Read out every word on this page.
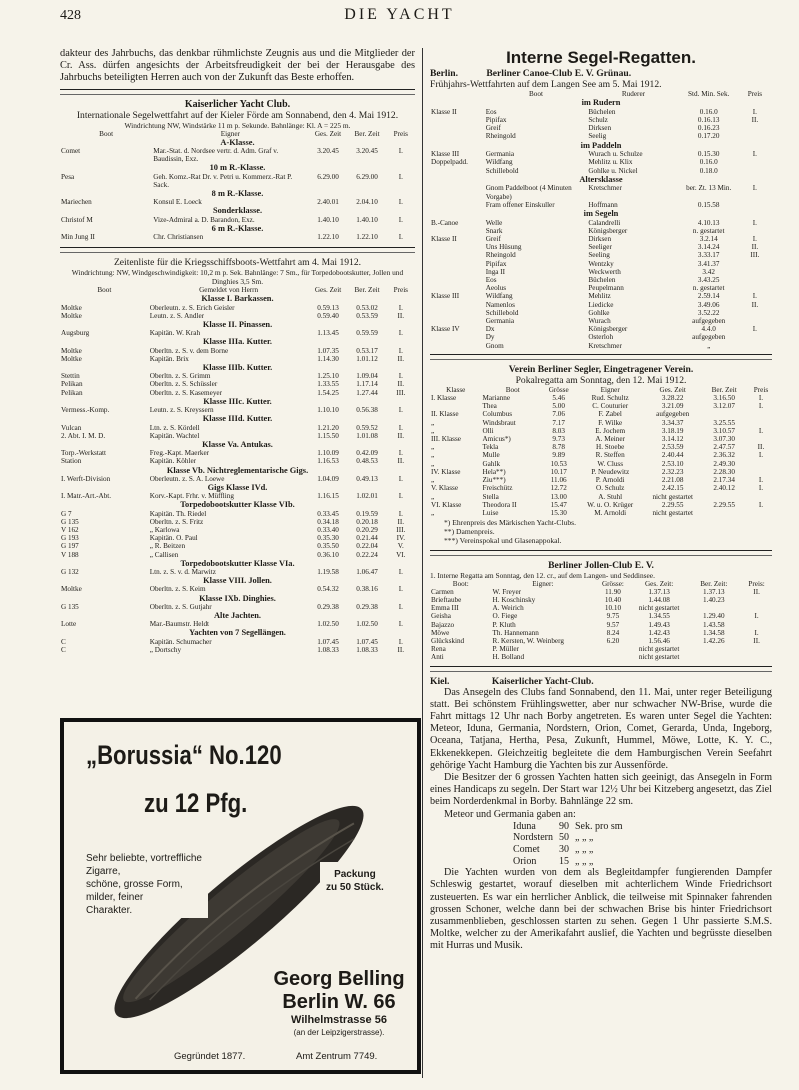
428	DIE YACHT

dakteur des Jahrbuchs, das denkbar rühmlichste Zeugnis aus und die Mitglieder der Cr. Ass. dürfen angesichts der Arbeitsfreudigkeit der bei der Herausgabe des Jahrbuchs beteiligten Herren auch von der Zukunft das Beste erhoffen.

Kaiserlicher Yacht Club.
Internationale Segelwettfahrt auf der Kieler Förde am Sonnabend, den 4. Mai 1912.
Windrichtung NW, Windstärke 11 m p. Sekunde. Bahnlänge: Kl. A = 225 m.
Boot	Eigner	Ges. Zeit	Ber. Zeit	Preis
A-Klasse.				
Comet	Mar.-Stat. d. Nordsee vertr. d. Adm. Graf v. Baudissin, Exz.	3.20.45	3.20.45	I.
10 m R.-Klasse.				
Pesa	Geh. Komz.-Rat Dr. v. Petri u. Kommerz.-Rat P. Sack.	6.29.00	6.29.00	I.
8 m R.-Klasse.				
Mariechen	Konsul E. Loeck	2.40.01	2.04.10	I.
Sonderklasse.				
Christof M	Vize-Admiral a. D. Barandon, Exz.	1.40.10	1.40.10	I.
6 m R.-Klasse.				
Min Jung II	Chr. Christiansen	1.22.10	1.22.10	I.
Zeitenliste für die Kriegsschiffsboots-Wettfahrt am 4. Mai 1912.
Windrichtung: NW, Windgeschwindigkeit: 10,2 m p. Sek. Bahnlänge: 7 Sm., für Torpedobootskutter, Jollen und Dinghies 3,5 Sm.
Boot	Gemeldet von Herrn	Ges. Zeit	Ber. Zeit	Preis
Klasse I. Barkassen.				
Moltke	Oberleutn. z. S. Erich Geisler	0.59.13	0.53.02	I.
Moltke	Leutn. z. S. Andler	0.59.40	0.53.59	II.
Klasse II. Pinassen.				
Augsburg	Kapitän. W. Krah	1.13.45	0.59.59	I.
Klasse IIIa. Kutter.				
Moltke	Oberltn. z. S. v. dem Borne	1.07.35	0.53.17	I.
Moltke	Kapitän. Brix	1.14.30	1.01.12	II.
Klasse IIIb. Kutter.				
Stettin	Oberltn. z. S. Grimm	1.25.10	1.09.04	I.
Pelikan	Oberltn. z. S. Schüssler	1.33.55	1.17.14	II.
Pelikan	Oberltn. z. S. Kasemeyer	1.54.25	1.27.44	III.
Klasse IIIc. Kutter.				
Vermess.-Komp.	Leutn. z. S. Kreyssern	1.10.10	0.56.38	I.
Klasse IIId. Kutter.				
Vulcan	Ltn. z. S. Kördell	1.21.20	0.59.52	I.
2. Abt. I. M. D.	Kapitän. Wachtel	1.15.50	1.01.08	II.
Klasse Va. Antukas.				
Torp.-Werkstatt	Freg.-Kapt. Maerker	1.10.09	0.42.09	I.
Station	Kapitän. Köhler	1.16.53	0.48.53	II.
Klasse Vb. Nichtreglementarische Gigs.				
I. Werft-Division	Oberleutn. z. S. A. Loewe	1.04.09	0.49.13	I.
Gigs Klasse IVd.				
I. Matr.-Art.-Abt.	Korv.-Kapt. Frhr. v. Müffling	1.16.15	1.02.01	I.
Torpedobootskutter Klasse VIb.				
G 7	Kapitän. Th. Riedel	0.33.45	0.19.59	I.
G 135	Oberltn. z. S. Fritz	0.34.18	0.20.18	II.
V 162	„ Karlowa	0.33.40	0.20.29	III.
G 193	Kapitän. O. Paul	0.35.30	0.21.44	IV.
G 197	„ R. Beitzen	0.35.50	0.22.04	V.
V 188	„ Callisen	0.36.10	0.22.24	VI.
Torpedobootskutter Klasse VIa.				
G 132	Ltn. z. S. v. d. Marwitz	1.19.58	1.06.47	I.
Klasse VIII. Jollen.				
Moltke	Oberltn. z. S. Keim	0.54.32	0.38.16	I.
Klasse IXb. Dinghies.				
G 135	Oberltn. z. S. Gutjahr	0.29.38	0.29.38	I.
Alte Jachten.				
Lotte	Mar.-Baumstr. Heldt	1.02.50	1.02.50	I.
Yachten von 7 Segellängen.				
C	Kapitän. Schumacher	1.07.45	1.07.45	I.
C	„ Dortschy	1.08.33	1.08.33	II.
„Borussia“ No.120
zu 12 Pfg.
Sehr beliebte, vortreffliche
Zigarre,
schöne, grosse Form,
milder, feiner
Charakter.
Packung
zu 50 Stück.
Georg Belling
Berlin W. 66
Wilhelmstrasse 56
(an der Leipzigerstrasse).
Gegründet 1877.	Amt Zentrum 7749.
Interne Segel-Regatten.
Berlin.	Berliner Canoe-Club E. V. Grünau.
Frühjahrs-Wettfahrten auf dem Langen See am 5. Mai 1912.
	Boot	Ruderer	Std. Min. Sek.	Preis
im Rudern				
Klasse II	Eos	Büchelen	0.16.0	I.
	Pipifax	Schulz	0.16.13	II.
	Greif	Dirksen	0.16.23	
	Rheingold	Seelig	0.17.20	
im Paddeln				
Klasse III	Germania	Wurach u. Schulze	0.15.30	I.
Doppelpadd.	Wildfang	Mehlitz u. Klix	0.16.0	
	Schillebold	Gohlke u. Nickel	0.18.0	
Altersklasse				
	Gnom Paddelboot (4 Minuten Vorgabe)	Kretschmer	ber. Zt. 13 Min.	I.
	Fram offener Einskuller	Hoffmann	0.15.58	
im Segeln				
B.-Canoe	Welle	Calandrelli	4.10.13	I.
	Snark	Königsberger	n. gestartet	
Klasse II	Greif	Dirksen	3.2.14	I.
	Uns Hüsung	Seeliger	3.14.24	II.
	Rheingold	Seeling	3.33.17	III.
	Pipifax	Wentzky	3.41.37	
	Inga II	Weckwerth	3.42	
	Eos	Büchelen	3.43.25	
	Aeolus	Peupelmann	n. gestartet	
Klasse III	Wildfang	Mehlitz	2.59.14	I.
	Namenlos	Liedicke	3.49.06	II.
	Schillebold	Gohlke	3.52.22	
	Germania	Wurach	aufgegeben	
Klasse IV	Dx	Königsberger	4.4.0	I.
	Dy	Osterloh	aufgegeben	
	Gnom	Kretschmer	„	
Verein Berliner Segler, Eingetragener Verein.
Pokalregatta am Sonntag, den 12. Mai 1912.
Klasse	Boot	Grösse	Eigner	Ges. Zeit	Ber. Zeit	Preis
I. Klasse	Marianne	5.46	Rud. Schultz	3.28.22	3.16.50	I.
	Thea	5.00	C. Couturier	3.21.09	3.12.07	I.
II. Klasse	Columbus	7.06	F. Zabel	aufgegeben		
„	Windsbraut	7.17	F. Wilke	3.34.37	3.25.55	
„	Olli	8.03	E. Jochem	3.18.19	3.10.57	I.
III. Klasse	Amicus*)	9.73	A. Meiner	3.14.12	3.07.30	
„	Tekla	8.78	H. Stoebe	2.53.59	2.47.57	II.
„	Mulle	9.89	R. Steffen	2.40.44	2.36.32	I.
„	Gahlk	10.53	W. Cluss	2.53.10	2.49.30	
IV. Klasse	Hela**)	10.17	P. Neudewitz	2.32.23	2.28.30	
„	Ziu***)	11.06	P. Arnoldi	2.21.08	2.17.34	I.
V. Klasse	Freischütz	12.72	O. Schulz	2.42.15	2.40.12	I.
„	Stella	13.00	A. Stuhl	nicht gestartet		
VI. Klasse	Theodora II	15.47	W. u. O. Krüger	2.29.55	2.29.55	I.
„	Luise	15.30	M. Arnoldi	nicht gestartet		
*) Ehrenpreis des Märkischen Yacht-Clubs.
**) Damenpreis.
***) Vereinspokal und Glasenappokal.
Berliner Jollen-Club E. V.
1. Interne Regatta am Sonntag, den 12. cr., auf dem Langen- und Seddinsee.
Boot:	Eigner:	Grösse:	Ges. Zeit:	Ber. Zeit:	Preis:
Carmen	W. Freyer	11.90	1.37.13	1.37.13	II.
Brieftaube	H. Koschinsky	10.40	1.44.08	1.40.23	
Emma III	A. Weirich	10.10	nicht gestartet		
Geisha	O. Fiege	9.75	1.34.55	1.29.40	I.
Bajazzo	P. Kluth	9.57	1.49.43	1.43.58	
Möwe	Th. Hannemann	8.24	1.42.43	1.34.58	I.
Glückskind	R. Kersten, W. Weinberg	6.20	1.56.46	1.42.26	II.
Rena	P. Müller		nicht gestartet		
Anti	H. Bolland		nicht gestartet		
Kiel.	Kaiserlicher Yacht-Club.

Das Ansegeln des Clubs fand Sonnabend, den 11. Mai, unter reger Beteiligung statt. Bei schönstem Frühlingswetter, aber nur schwacher NW-Brise, wurde die Fahrt mittags 12 Uhr nach Borby angetreten. Es waren unter Segel die Yachten: Meteor, Iduna, Germania, Nordstern, Orion, Comet, Gerarda, Unda, Ingeborg, Oceana, Tatjana, Hertha, Pesa, Zukunft, Hummel, Möwe, Lotte, K. Y. C., Ekkenekkepen. Gleichzeitig begleitete die dem Hamburgischen Verein Seefahrt gehörige Yacht Hamburg die Yachten bis zur Aussenförde.

Die Besitzer der 6 grossen Yachten hatten sich geeinigt, das Ansegeln in Form eines Handicaps zu segeln. Der Start war 12½ Uhr bei Kitzeberg angesetzt, das Ziel beim Norderdenkmal in Borby. Bahnlänge 22 sm.

Meteor und Germania gaben an:

Iduna	90	Sek. pro sm
Nordstern	50	„ „ „
Comet	30	„ „ „
Orion	15	„ „ „

Die Yachten wurden von dem als Begleitdampfer fungierenden Dampfer Schleswig gestartet, worauf dieselben mit achterlichem Winde Friedrichsort zusteuerten. Es war ein herrlicher Anblick, die teilweise mit Spinnaker fahrenden grossen Schoner, welche dann bei der schwachen Brise bis hinter Friedrichsort zusammenblieben, geschlossen starten zu sehen. Gegen 1 Uhr passierte S.M.S. Moltke, welcher zu der Amerikafahrt auslief, die Yachten und begrüsste dieselben mit Hurras und Musik.
